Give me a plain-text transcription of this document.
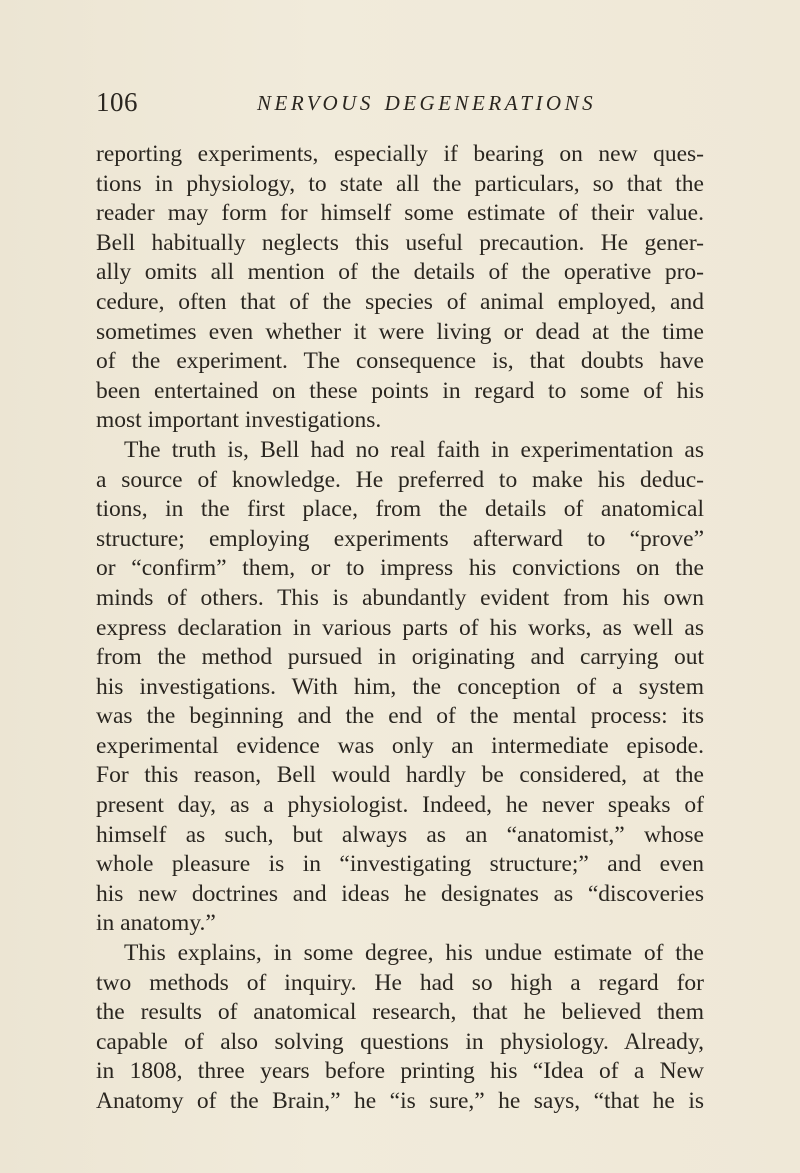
106	NERVOUS DEGENERATIONS
reporting experiments, especially if bearing on new ques-
tions in physiology, to state all the particulars, so that the
reader may form for himself some estimate of their value.
Bell habitually neglects this useful precaution. He gener-
ally omits all mention of the details of the operative pro-
cedure, often that of the species of animal employed, and
sometimes even whether it were living or dead at the time
of the experiment. The consequence is, that doubts have
been entertained on these points in regard to some of his
most important investigations.
The truth is, Bell had no real faith in experimentation as
a source of knowledge. He preferred to make his deduc-
tions, in the first place, from the details of anatomical
structure; employing experiments afterward to “prove”
or “confirm” them, or to impress his convictions on the
minds of others. This is abundantly evident from his own
express declaration in various parts of his works, as well as
from the method pursued in originating and carrying out
his investigations. With him, the conception of a system
was the beginning and the end of the mental process: its
experimental evidence was only an intermediate episode.
For this reason, Bell would hardly be considered, at the
present day, as a physiologist. Indeed, he never speaks of
himself as such, but always as an “anatomist,” whose
whole pleasure is in “investigating structure;” and even
his new doctrines and ideas he designates as “discoveries
in anatomy.”
This explains, in some degree, his undue estimate of the
two methods of inquiry. He had so high a regard for
the results of anatomical research, that he believed them
capable of also solving questions in physiology. Already,
in 1808, three years before printing his “Idea of a New
Anatomy of the Brain,” he “is sure,” he says, “that he is
